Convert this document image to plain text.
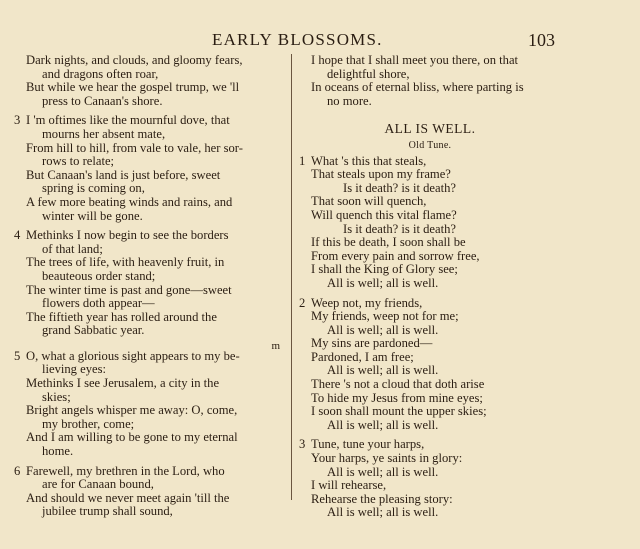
EARLY BLOSSOMS.	103
Dark nights, and clouds, and gloomy fears,
and dragons often roar,
But while we hear the gospel trump, we 'll
press to Canaan's shore.
3 I 'm oftimes like the mournful dove, that
mourns her absent mate,
From hill to hill, from vale to vale, her sor-
rows to relate;
But Canaan's land is just before, sweet
spring is coming on,
A few more beating winds and rains, and
winter will be gone.
4 Methinks I now begin to see the borders
of that land;
The trees of life, with heavenly fruit, in
beauteous order stand;
The winter time is past and gone—sweet
flowers doth appear—
The fiftieth year has rolled around the
grand Sabbatic year.
m
5 O, what a glorious sight appears to my be-
lieving eyes:
Methinks I see Jerusalem, a city in the
skies;
Bright angels whisper me away: O, come,
my brother, come;
And I am willing to be gone to my eternal
home.
6 Farewell, my brethren in the Lord, who
are for Canaan bound,
And should we never meet again 'till the
jubilee trump shall sound,
I hope that I shall meet you there, on that
delightful shore,
In oceans of eternal bliss, where parting is
no more.
ALL IS WELL.
Old Tune.
1 What 's this that steals,
That steals upon my frame?
Is it death? is it death?
That soon will quench,
Will quench this vital flame?
Is it death? is it death?
If this be death, I soon shall be
From every pain and sorrow free,
I shall the King of Glory see;
All is well; all is well.
2 Weep not, my friends,
My friends, weep not for me;
All is well; all is well.
My sins are pardoned—
Pardoned, I am free;
All is well; all is well.
There 's not a cloud that doth arise
To hide my Jesus from mine eyes;
I soon shall mount the upper skies;
All is well; all is well.
3 Tune, tune your harps,
Your harps, ye saints in glory:
All is well; all is well.
I will rehearse,
Rehearse the pleasing story:
All is well; all is well.
